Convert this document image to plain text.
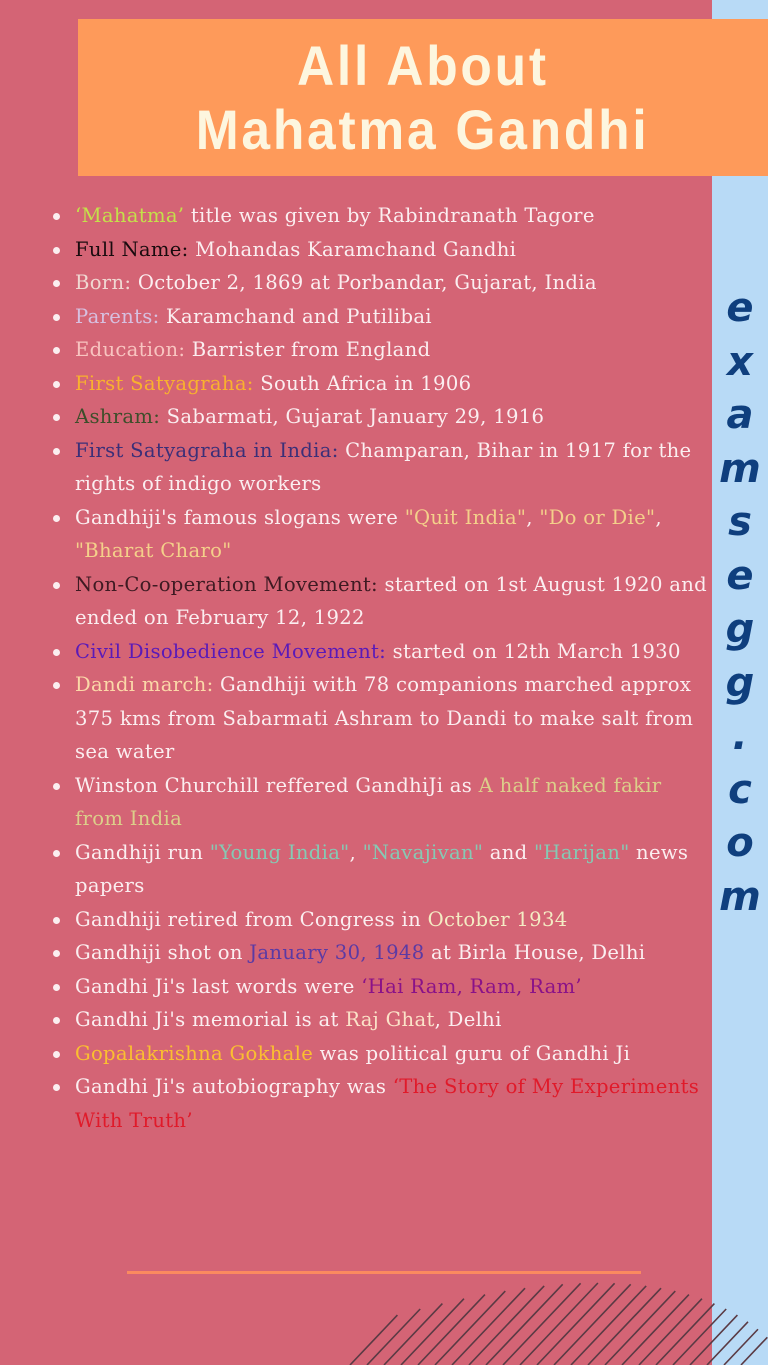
All About
Mahatma Gandhi
e
x
a
m
s
e
g
g
.
c
o
m
‘Mahatma’ title was given by Rabindranath Tagore
Full Name: Mohandas Karamchand Gandhi
Born: October 2, 1869 at Porbandar, Gujarat, India
Parents: Karamchand and Putilibai
Education: Barrister from England
First Satyagraha: South Africa in 1906
Ashram: Sabarmati, Gujarat January 29, 1916
First Satyagraha in India: Champaran, Bihar in 1917 for the rights of indigo workers
Gandhiji's famous slogans were "Quit India", "Do or Die", "Bharat Charo"
Non-Co-operation Movement: started on 1st August 1920 and ended on February 12, 1922
Civil Disobedience Movement: started on 12th March 1930
Dandi march: Gandhiji with 78 companions marched approx 375 kms from Sabarmati Ashram to Dandi to make salt from sea water
Winston Churchill reffered GandhiJi as A half naked fakir from India
Gandhiji run "Young India", "Navajivan" and "Harijan" news papers
Gandhiji retired from Congress in October 1934
Gandhiji shot on January 30, 1948 at Birla House, Delhi
Gandhi Ji's last words were ‘Hai Ram, Ram, Ram’
Gandhi Ji's memorial is at Raj Ghat, Delhi
Gopalakrishna Gokhale was political guru of Gandhi Ji
Gandhi Ji's autobiography was ‘The Story of My Experiments With Truth’
